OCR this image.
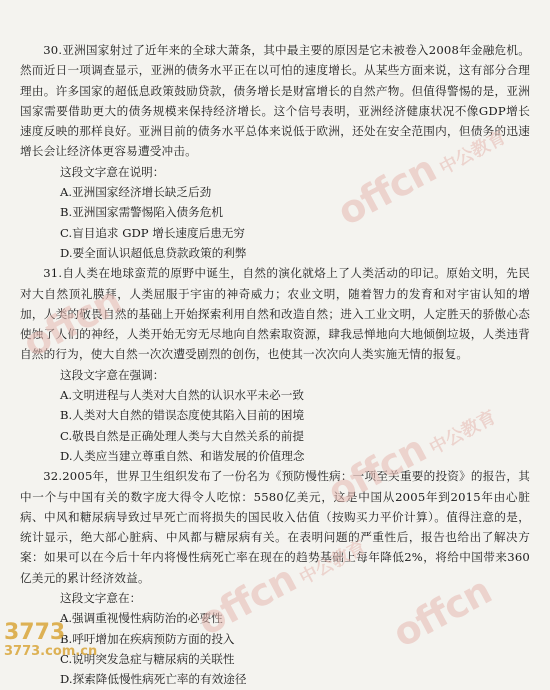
30.亚洲国家射过了近年来的全球大萧条，其中最主要的原因是它未被卷入2008年金融危机。然而近日一项调查显示，亚洲的债务水平正在以可怕的速度增长。从某些方面来说，这有部分合理理由。许多国家的超低息政策鼓励贷款，债务增长是财富增长的自然产物。但值得警惕的是，亚洲国家需要借助更大的债务规模来保持经济增长。这个信号表明，亚洲经济健康状况不像GDP增长速度反映的那样良好。亚洲目前的债务水平总体来说低于欧洲，还处在安全范围内，但债务的迅速增长会让经济体更容易遭受冲击。

这段文字意在说明：

A.亚洲国家经济增长缺乏后劲

B.亚洲国家需警惕陷入债务危机

C.盲目追求 GDP 增长速度后患无穷

D.要全面认识超低息贷款政策的利弊

31.自人类在地球蛮荒的原野中诞生，自然的演化就烙上了人类活动的印记。原始文明，先民对大自然顶礼膜拜，人类屈服于宇宙的神奇威力；农业文明，随着智力的发育和对宇宙认知的增加，人类的敬畏自然的基础上开始探索利用自然和改造自然；进入工业文明，人定胜天的骄傲心态使蚀了人们的神经，人类开始无穷无尽地向自然索取资源，肆我忌惮地向大地倾倒垃圾，人类违背自然的行为，使大自然一次次遭受剧烈的创伤，也使其一次次向人类实施无情的报复。

这段文字意在强调：

A.文明进程与人类对大自然的认识水平未必一致

B.人类对大自然的错误态度使其陷入目前的困境

C.敬畏自然是正确处理人类与大自然关系的前提

D.人类应当建立尊重自然、和谐发展的价值理念

32.2005年，世界卫生组织发布了一份名为《预防慢性病：一项至关重要的投资》的报告，其中一个与中国有关的数字庞大得令人吃惊：5580亿美元，这是中国从2005年到2015年由心脏病、中风和糖尿病导致过早死亡而将损失的国民收入估值（按购买力平价计算）。值得注意的是，统计显示，绝大部心脏病、中风都与糖尿病有关。在表明问题的严重性后，报告也给出了解决方案：如果可以在今后十年内将慢性病死亡率在现在的趋势基础上每年降低2%，将给中国带来360亿美元的累计经济效益。

这段文字意在：

A.强调重视慢性病防治的必要性

B.呼吁增加在疾病预防方面的投入

C.说明突发急症与糖尿病的关联性

D.探索降低慢性病死亡率的有效途径

offcn中公教育
offcn中公教育
offcn中公教育
offcn
offcn
3773
3773.com.cn
